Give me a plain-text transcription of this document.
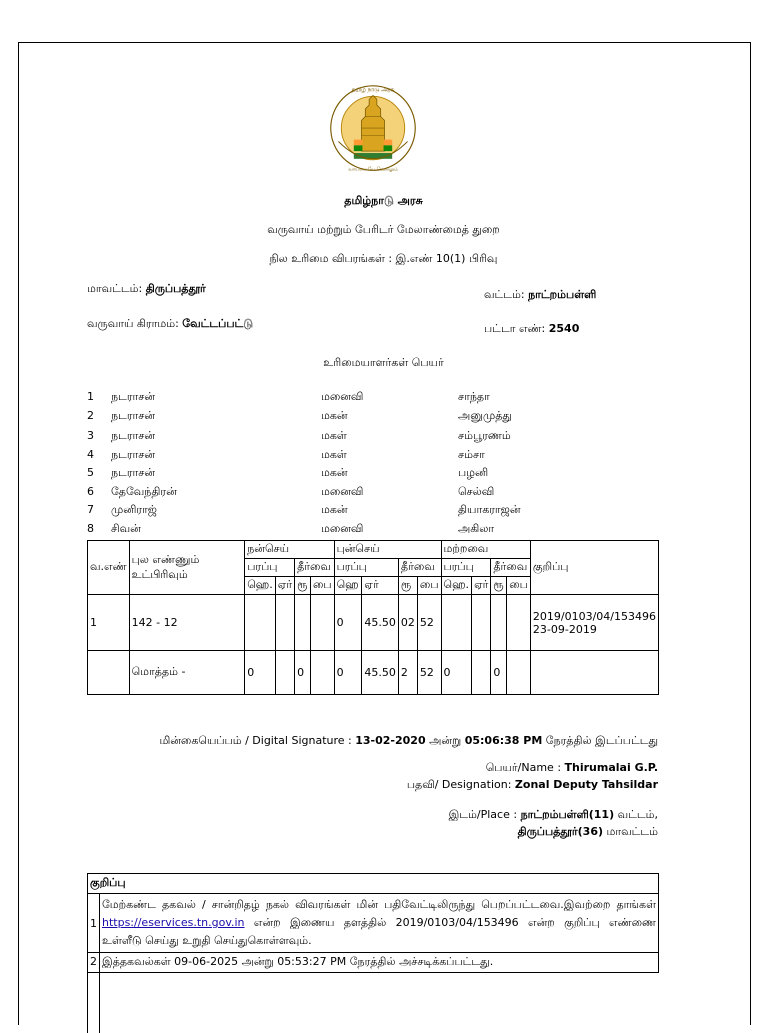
வாய்மையே வெல்லும்
தமிழ் நாடு அரசு
தமிழ்நாடு அரசு
வருவாய் மற்றும் பேரிடர் மேலாண்மைத் துறை
நில உரிமை விபரங்கள் : இ.எண் 10(1) பிரிவு
மாவட்டம்: திருப்பத்தூர்	வட்டம்: நாட்றம்பள்ளி
வருவாய் கிராமம்: வேட்டப்பட்டு	பட்டா எண்: 2540
உரிமையாளர்கள் பெயர்
1 நடராசன்	மனைவி	சாந்தா
2 நடராசன்	மகன்	அனுமுத்து
3 நடராசன்	மகள்	சம்பூரணம்
4 நடராசன்	மகள்	சம்சா
5 நடராசன்	மகன்	பழனி
6 தேவேந்திரன்	மனைவி	செல்வி
7 முனிராஜ்	மகன்	தியாகராஜன்
8 சிவன்	மனைவி	அகிலா
வ.எண்	புல எண்ணும் உட்பிரிவும்	நன்செய்				புன்செய்				மற்றவை				குறிப்பு
		பரப்பு		தீர்வை		பரப்பு		தீர்வை		பரப்பு		தீர்வை		
		ஹெ.	ஏர்	ரூ	பை	ஹெ	ஏர்	ரூ	பை	ஹெ.	ஏர்	ரூ	பை	
1	142 - 12					0	45.50	02	52					2019/0103/04/153496
23-09-2019

	மொத்தம் -	0		0		0	45.50	2	52	0		0		
மின்கையெப்பம் / Digital Signature : 13-02-2020 அன்று 05:06:38 PM நேரத்தில் இடப்பட்டது
பெயர்/Name : Thirumalai G.P.
பதவி/ Designation: Zonal Deputy Tahsildar
இடம்/Place : நாட்றம்பள்ளி(11) வட்டம்,
திருப்பத்தூர்(36) மாவட்டம்
குறிப்பு	
1	மேற்கண்ட தகவல் / சான்றிதழ் நகல் விவரங்கள் மின் பதிவேட்டிலிருந்து பெறப்பட்டவை.இவற்றை தாங்கள் https://eservices.tn.gov.in என்ற இணைய தளத்தில் 2019/0103/04/153496 என்ற குறிப்பு எண்ணை உள்ளீடு செய்து உறுதி செய்துகொள்ளவும்.
2	இத்தகவல்கள் 09-06-2025 அன்று 05:53:27 PM நேரத்தில் அச்சடிக்கப்பட்டது.
